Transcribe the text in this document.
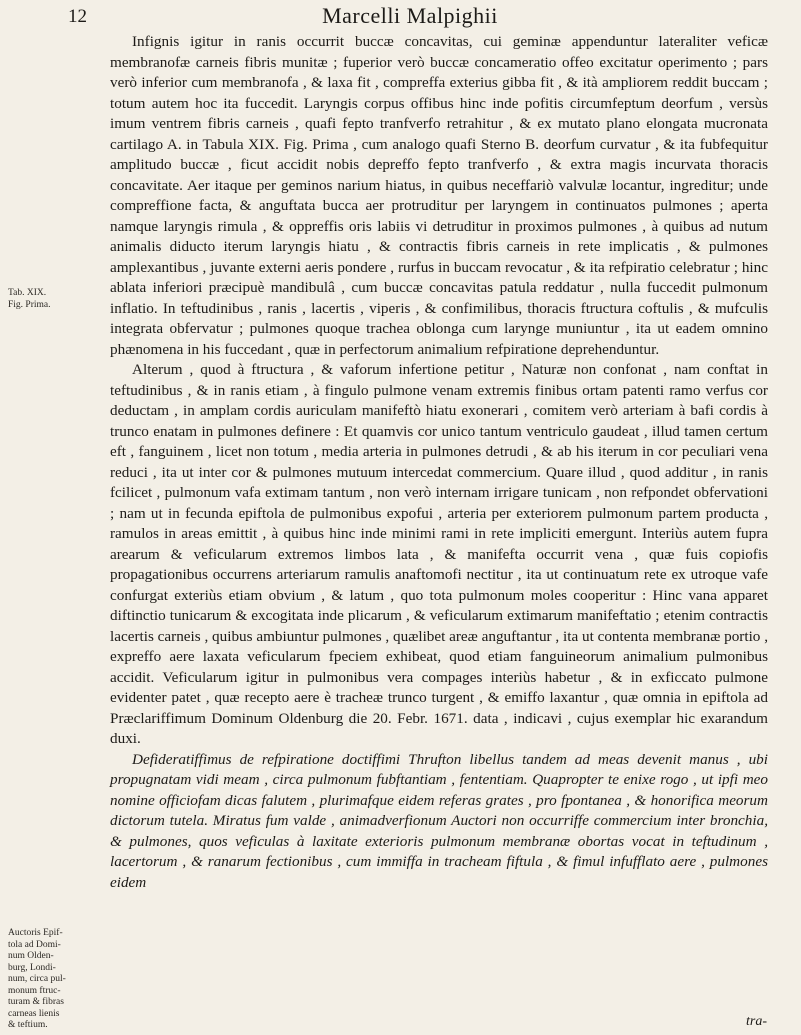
12	Marcelli Malpighii
Tab. XIX.
Fig. Prima.
Auctoris Epif-
tola ad Domi-
num Olden-
burg, Londi-
num, circa pul-
monum ftruc-
turam & fibras
carneas lienis
& teftium.

Infignis igitur in ranis occurrit buccæ concavitas, cui geminæ appenduntur lateraliter veficæ membranofæ carneis fibris munitæ ; fuperior verò buccæ concameratio offeo excitatur operimento ; pars verò inferior cum membranofa , & laxa fit , compreffa exterius gibba fit , & ità ampliorem reddit buccam ; totum autem hoc ita fuccedit. Laryngis corpus offibus hinc inde pofitis circumfeptum deorfum , versùs imum ventrem fibris carneis , quafi fepto tranfverfo retrahitur , & ex mutato plano elongata mucronata cartilago A. in Tabula XIX. Fig. Prima , cum analogo quafi Sterno B. deorfum curvatur , & ita fubfequitur amplitudo buccæ , ficut accidit nobis depreffo fepto tranfverfo , & extra magis incurvata thoracis concavitate. Aer itaque per geminos narium hiatus, in quibus neceffariò valvulæ locantur, ingreditur; unde compreffione facta, & anguftata bucca aer protruditur per laryngem in continuatos pulmones ; aperta namque laryngis rimula , & oppreffis oris labiis vi detruditur in proximos pulmones , à quibus ad nutum animalis diducto iterum laryngis hiatu , & contractis fibris carneis in rete implicatis , & pulmones amplexantibus , juvante externi aeris pondere , rurfus in buccam revocatur , & ita refpiratio celebratur ; hinc ablata inferiori præcipuè mandibulâ , cum buccæ concavitas patula reddatur , nulla fuccedit pulmonum inflatio. In teftudinibus , ranis , lacertis , viperis , & confimilibus, thoracis ftructura coftulis , & mufculis integrata obfervatur ; pulmones quoque trachea oblonga cum larynge muniuntur , ita ut eadem omnino phænomena in his fuccedant , quæ in perfectorum animalium refpiratione deprehenduntur.

Alterum , quod à ftructura , & vaforum infertione petitur , Naturæ non confonat , nam conftat in teftudinibus , & in ranis etiam , à fingulo pulmone venam extremis finibus ortam patenti ramo verfus cor deductam , in amplam cordis auriculam manifeftò hiatu exonerari , comitem verò arteriam à bafi cordis à trunco enatam in pulmones definere : Et quamvis cor unico tantum ventriculo gaudeat , illud tamen certum eft , fanguinem , licet non totum , media arteria in pulmones detrudi , & ab his iterum in cor peculiari vena reduci , ita ut inter cor & pulmones mutuum intercedat commercium. Quare illud , quod additur , in ranis fcilicet , pulmonum vafa extimam tantum , non verò internam irrigare tunicam , non refpondet obfervationi ; nam ut in fecunda epiftola de pulmonibus expofui , arteria per exteriorem pulmonum partem producta , ramulos in areas emittit , à quibus hinc inde minimi rami in rete impliciti emergunt. Interiùs autem fupra arearum & veficularum extremos limbos lata , & manifefta occurrit vena , quæ fuis copiofis propagationibus occurrens arteriarum ramulis anaftomofi nectitur , ita ut continuatum rete ex utroque vafe confurgat exteriùs etiam obvium , & latum , quo tota pulmonum moles cooperitur : Hinc vana apparet diftinctio tunicarum & excogitata inde plicarum , & veficularum extimarum manifeftatio ; etenim contractis lacertis carneis , quibus ambiuntur pulmones , quælibet areæ anguftantur , ita ut contenta membranæ portio , expreffo aere laxata veficularum fpeciem exhibeat, quod etiam fanguineorum animalium pulmonibus accidit. Veficularum igitur in pulmonibus vera compages interiùs habetur , & in exficcato pulmone evidenter patet , quæ recepto aere è tracheæ trunco turgent , & emiffo laxantur , quæ omnia in epiftola ad Præclariffimum Dominum Oldenburg die 20. Febr. 1671. data , indicavi , cujus exemplar hic exarandum duxi.

Defideratiffimus de refpiratione doctiffimi Thrufton libellus tandem ad meas devenit manus , ubi propugnatam vidi meam , circa pulmonum fubftantiam , fententiam. Quapropter te enixe rogo , ut ipfi meo nomine officiofam dicas falutem , plurimafque eidem referas grates , pro fpontanea , & honorifica meorum dictorum tutela. Miratus fum valde , animadverfionum Auctori non occurriffe commercium inter bronchia, & pulmones, quos veficulas à laxitate exterioris pulmonum membranæ obortas vocat in teftudinum , lacertorum , & ranarum fectionibus , cum immiffa in tracheam fiftula , & fimul infufflato aere , pulmones eidem

tra-
